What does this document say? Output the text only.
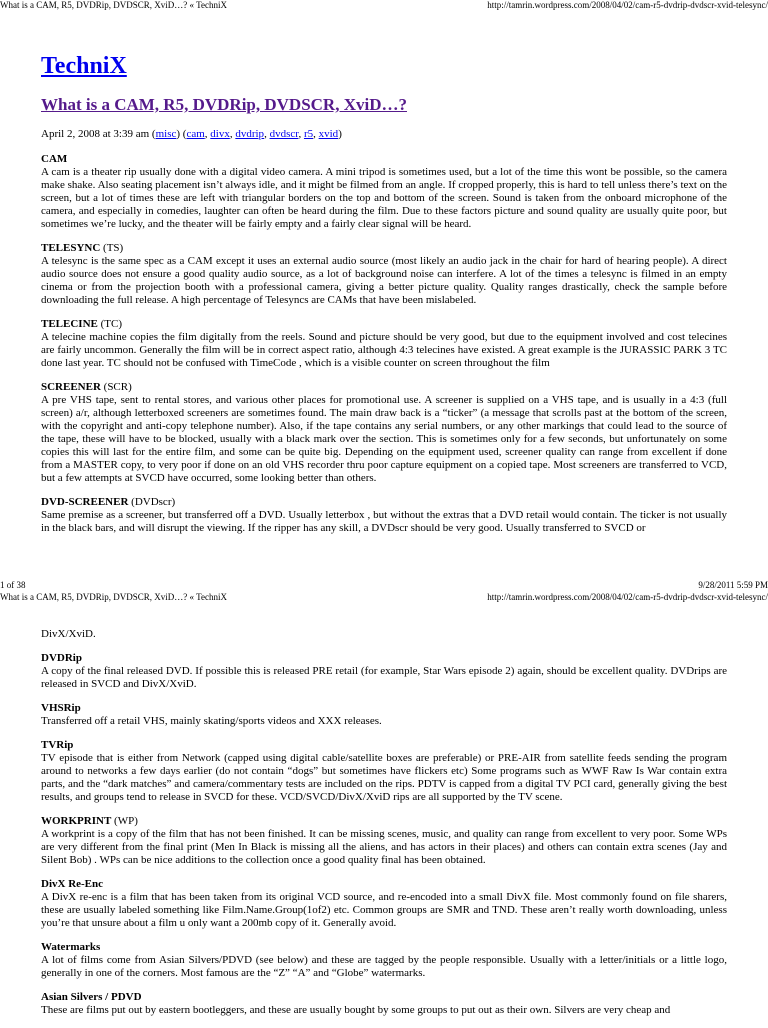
What is a CAM, R5, DVDRip, DVDSCR, XviD…? « TechniX	http://tamrin.wordpress.com/2008/04/02/cam-r5-dvdrip-dvdscr-xvid-telesync/
TechniX
What is a CAM, R5, DVDRip, DVDSCR, XviD…?
April 2, 2008 at 3:39 am (misc) (cam, divx, dvdrip, dvdscr, r5, xvid)
CAM

A cam is a theater rip usually done with a digital video camera. A mini tripod is sometimes used, but a lot of the time this wont be possible, so the camera make shake. Also seating placement isn’t always idle, and it might be filmed from an angle. If cropped properly, this is hard to tell unless there’s text on the screen, but a lot of times these are left with triangular borders on the top and bottom of the screen. Sound is taken from the onboard microphone of the camera, and especially in comedies, laughter can often be heard during the film. Due to these factors picture and sound quality are usually quite poor, but sometimes we’re lucky, and the theater will be fairly empty and a fairly clear signal will be heard.

TELESYNC (TS)

A telesync is the same spec as a CAM except it uses an external audio source (most likely an audio jack in the chair for hard of hearing people). A direct audio source does not ensure a good quality audio source, as a lot of background noise can interfere. A lot of the times a telesync is filmed in an empty cinema or from the projection booth with a professional camera, giving a better picture quality. Quality ranges drastically, check the sample before downloading the full release. A high percentage of Telesyncs are CAMs that have been mislabeled.

TELECINE (TC)

A telecine machine copies the film digitally from the reels. Sound and picture should be very good, but due to the equipment involved and cost telecines are fairly uncommon. Generally the film will be in correct aspect ratio, although 4:3 telecines have existed. A great example is the JURASSIC PARK 3 TC done last year. TC should not be confused with TimeCode , which is a visible counter on screen throughout the film

SCREENER (SCR)

A pre VHS tape, sent to rental stores, and various other places for promotional use. A screener is supplied on a VHS tape, and is usually in a 4:3 (full screen) a/r, although letterboxed screeners are sometimes found. The main draw back is a “ticker” (a message that scrolls past at the bottom of the screen, with the copyright and anti-copy telephone number). Also, if the tape contains any serial numbers, or any other markings that could lead to the source of the tape, these will have to be blocked, usually with a black mark over the section. This is sometimes only for a few seconds, but unfortunately on some copies this will last for the entire film, and some can be quite big. Depending on the equipment used, screener quality can range from excellent if done from a MASTER copy, to very poor if done on an old VHS recorder thru poor capture equipment on a copied tape. Most screeners are transferred to VCD, but a few attempts at SVCD have occurred, some looking better than others.

DVD-SCREENER (DVDscr)

Same premise as a screener, but transferred off a DVD. Usually letterbox , but without the extras that a DVD retail would contain. The ticker is not usually in the black bars, and will disrupt the viewing. If the ripper has any skill, a DVDscr should be very good. Usually transferred to SVCD or

1 of 38	9/28/2011 5:59 PM
What is a CAM, R5, DVDRip, DVDSCR, XviD…? « TechniX	http://tamrin.wordpress.com/2008/04/02/cam-r5-dvdrip-dvdscr-xvid-telesync/

DivX/XviD.

DVDRip

A copy of the final released DVD. If possible this is released PRE retail (for example, Star Wars episode 2) again, should be excellent quality. DVDrips are released in SVCD and DivX/XviD.

VHSRip

Transferred off a retail VHS, mainly skating/sports videos and XXX releases.

TVRip

TV episode that is either from Network (capped using digital cable/satellite boxes are preferable) or PRE-AIR from satellite feeds sending the program around to networks a few days earlier (do not contain “dogs” but sometimes have flickers etc) Some programs such as WWF Raw Is War contain extra parts, and the “dark matches” and camera/commentary tests are included on the rips. PDTV is capped from a digital TV PCI card, generally giving the best results, and groups tend to release in SVCD for these. VCD/SVCD/DivX/XviD rips are all supported by the TV scene.

WORKPRINT (WP)

A workprint is a copy of the film that has not been finished. It can be missing scenes, music, and quality can range from excellent to very poor. Some WPs are very different from the final print (Men In Black is missing all the aliens, and has actors in their places) and others can contain extra scenes (Jay and Silent Bob) . WPs can be nice additions to the collection once a good quality final has been obtained.

DivX Re-Enc

A DivX re-enc is a film that has been taken from its original VCD source, and re-encoded into a small DivX file. Most commonly found on file sharers, these are usually labeled something like Film.Name.Group(1of2) etc. Common groups are SMR and TND. These aren’t really worth downloading, unless you’re that unsure about a film u only want a 200mb copy of it. Generally avoid.

Watermarks

A lot of films come from Asian Silvers/PDVD (see below) and these are tagged by the people responsible. Usually with a letter/initials or a little logo, generally in one of the corners. Most famous are the “Z” “A” and “Globe” watermarks.

Asian Silvers / PDVD

These are films put out by eastern bootleggers, and these are usually bought by some groups to put out as their own. Silvers are very cheap and
